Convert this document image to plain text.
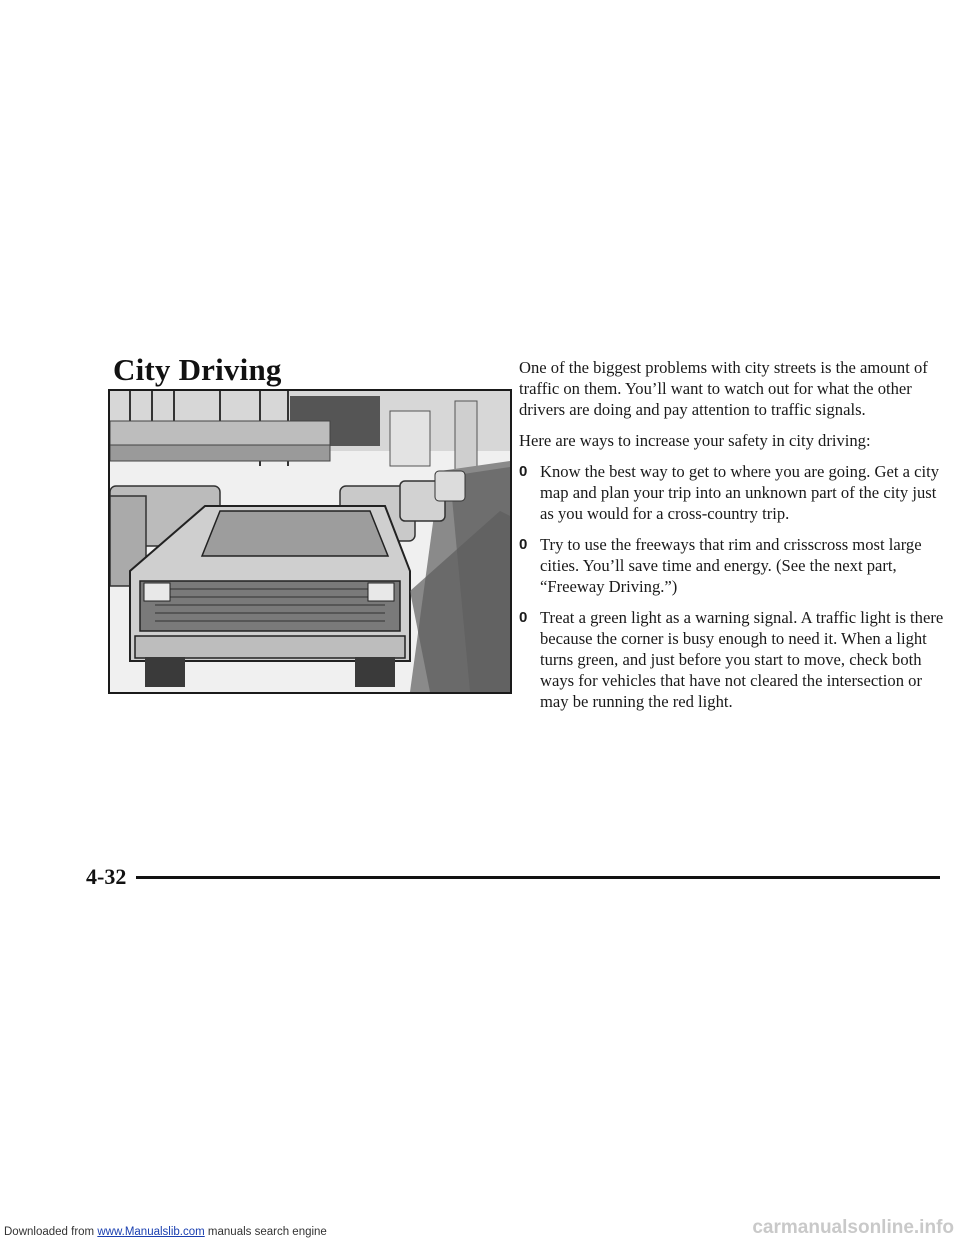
City Driving	One of the biggest problems with city streets is the amount of traffic on them. You’ll want to watch out for what the other drivers are doing and pay attention to traffic signals.

Here are ways to increase your safety in city driving:

0 Know the best way to get to where you are going. Get a city map and plan your trip into an unknown part of the city just as you would for a cross-country trip.
0 Try to use the freeways that rim and crisscross most large cities. You’ll save time and energy. (See the next part, “Freeway Driving.”)
0 Treat a green light as a warning signal. A traffic light is there because the corner is busy enough to need it. When a light turns green, and just before you start to move, check both ways for vehicles that have not cleared the intersection or may be running the red light.
4-32
Downloaded from www.Manualslib.com manuals search engine	carmanualsonline.info
